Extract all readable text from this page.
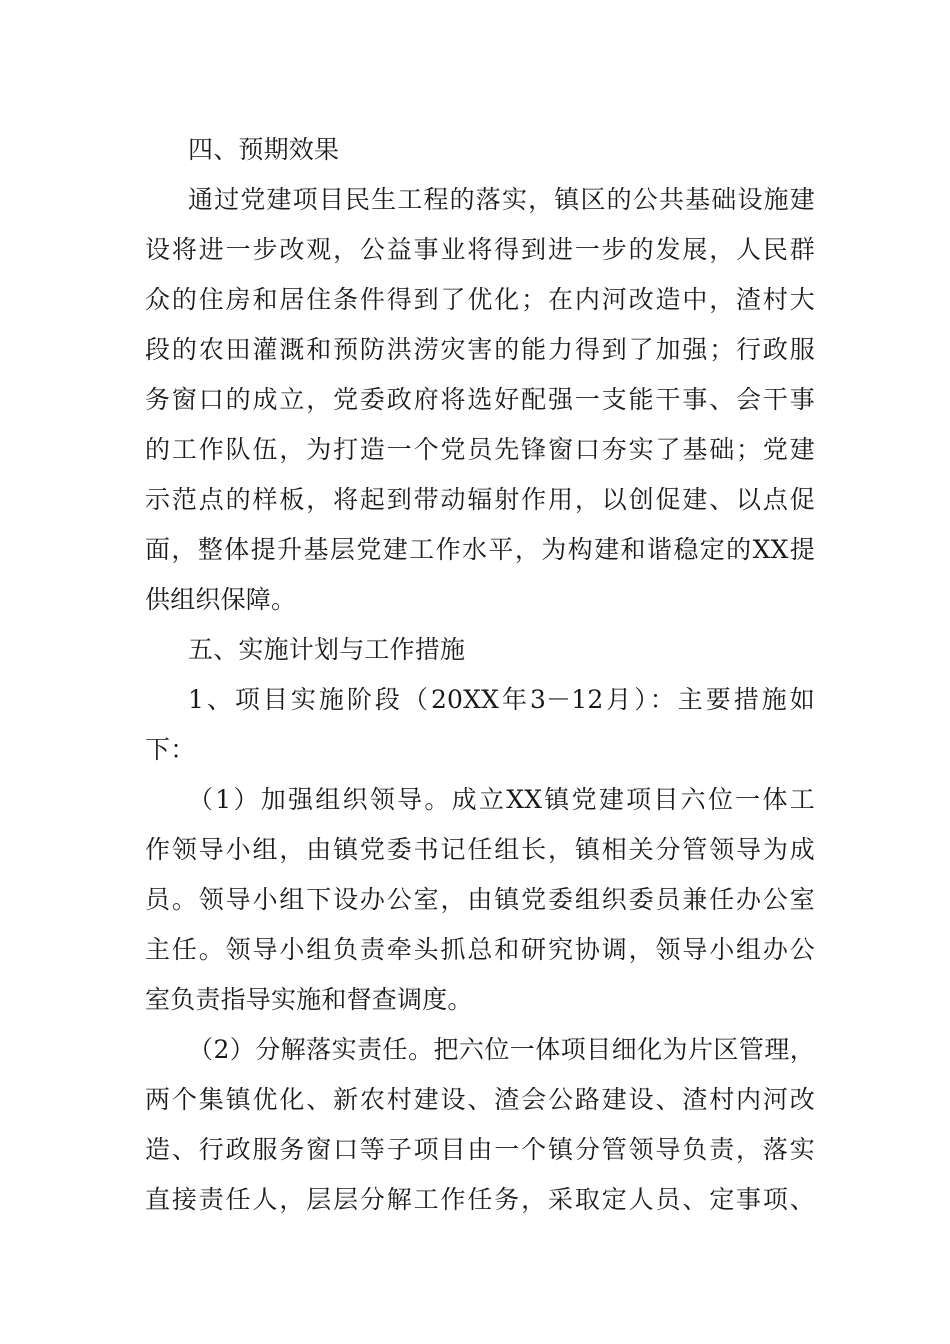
四、预期效果
通过党建项目民生工程的落实，镇区的公共基础设施建
设将进一步改观，公益事业将得到进一步的发展，人民群
众的住房和居住条件得到了优化；在内河改造中，渣村大
段的农田灌溉和预防洪涝灾害的能力得到了加强；行政服
务窗口的成立，党委政府将选好配强一支能干事、会干事
的工作队伍，为打造一个党员先锋窗口夯实了基础；党建
示范点的样板，将起到带动辐射作用，以创促建、以点促
面，整体提升基层党建工作水平，为构建和谐稳定的XX提
供组织保障。
五、实施计划与工作措施
1、项目实施阶段（20XX年3－12月）：主要措施如
下：
（1）加强组织领导。成立XX镇党建项目六位一体工
作领导小组，由镇党委书记任组长，镇相关分管领导为成
员。领导小组下设办公室，由镇党委组织委员兼任办公室
主任。领导小组负责牵头抓总和研究协调，领导小组办公
室负责指导实施和督查调度。
（2）分解落实责任。把六位一体项目细化为片区管理，
两个集镇优化、新农村建设、渣会公路建设、渣村内河改
造、行政服务窗口等子项目由一个镇分管领导负责，落实
直接责任人，层层分解工作任务，采取定人员、定事项、
